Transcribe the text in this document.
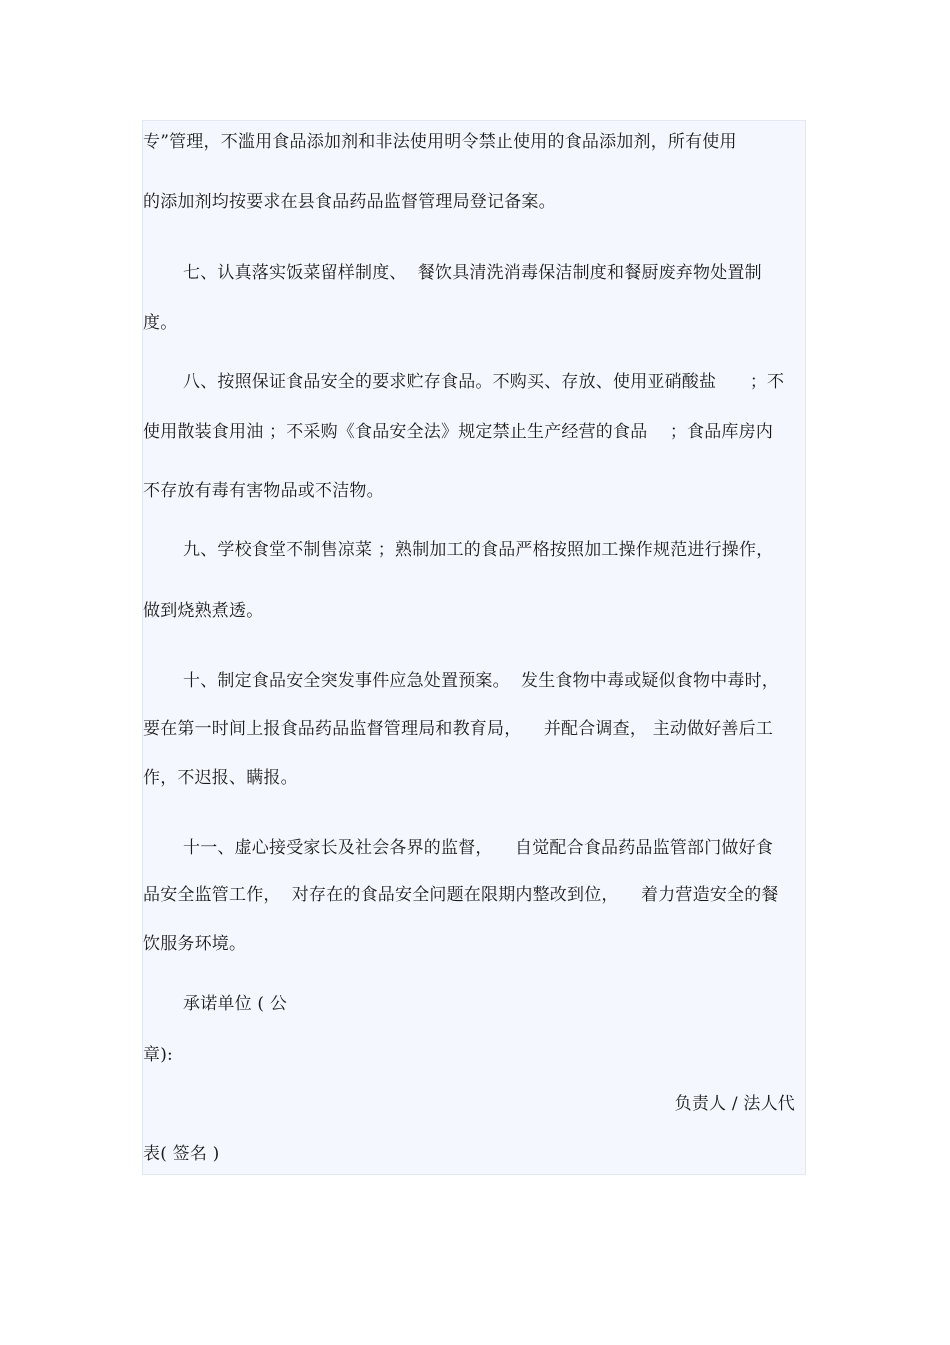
专”管理，不滥用食品添加剂和非法使用明令禁止使用的食品添加剂，所有使用
的添加剂均按要求在县食品药品监督管理局登记备案。
七、认真落实饭菜留样制度、  餐饮具清洗消毒保洁制度和餐厨废弃物处置制
度。
八、按照保证食品安全的要求贮存食品。不购买、存放、使用亚硝酸盐      ；不
使用散装食用油 ；不采购《食品安全法》规定禁止生产经营的食品    ；食品库房内
不存放有毒有害物品或不洁物。
九、学校食堂不制售凉菜 ；熟制加工的食品严格按照加工操作规范进行操作，
做到烧熟煮透。
十、制定食品安全突发事件应急处置预案。  发生食物中毒或疑似食物中毒时，
要在第一时间上报食品药品监督管理局和教育局，    并配合调查， 主动做好善后工
作，不迟报、瞒报。
十一、虚心接受家长及社会各界的监督，    自觉配合食品药品监管部门做好食
品安全监管工作，  对存在的食品安全问题在限期内整改到位，    着力营造安全的餐
饮服务环境。
承诺单位 ( 公
章):
负责人 / 法人代
表( 签名 )
